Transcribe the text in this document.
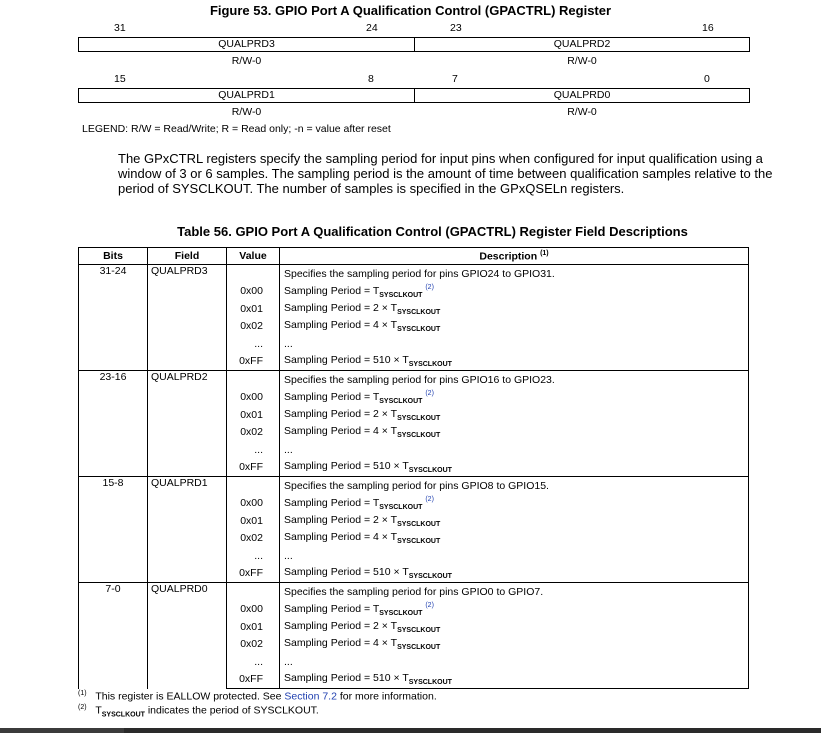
Figure 53. GPIO Port A Qualification Control (GPACTRL) Register
31	24	23	16
QUALPRD3	QUALPRD2
R/W-0	R/W-0
15	8	7	0
QUALPRD1	QUALPRD0
R/W-0	R/W-0
LEGEND: R/W = Read/Write; R = Read only; -n = value after reset
The GPxCTRL registers specify the sampling period for input pins when configured for input qualification using a window of 3 or 6 samples. The sampling period is the amount of time between qualification samples relative to the period of SYSCLKOUT. The number of samples is specified in the GPxQSELn registers.
Table 56. GPIO Port A Qualification Control (GPACTRL) Register Field Descriptions
Bits	Field	Value	Description $^{(1)}$
31-24	QUALPRD3		Specifies the sampling period for pins GPIO24 to GPIO31.
		0x00	Sampling Period = $T_{SYSCLKOUT}$ $^{(2)}$
		0x01	Sampling Period = $2 \times T_{SYSCLKOUT}$
		0x02	Sampling Period = $4 \times T_{SYSCLKOUT}$
		...	...
		0xFF	Sampling Period = $510 \times T_{SYSCLKOUT}$
23-16	QUALPRD2		Specifies the sampling period for pins GPIO16 to GPIO23.
		0x00	Sampling Period = $T_{SYSCLKOUT}$ $^{(2)}$
		0x01	Sampling Period = $2 \times T_{SYSCLKOUT}$
		0x02	Sampling Period = $4 \times T_{SYSCLKOUT}$
		...	...
		0xFF	Sampling Period = $510 \times T_{SYSCLKOUT}$
15-8	QUALPRD1		Specifies the sampling period for pins GPIO8 to GPIO15.
		0x00	Sampling Period = $T_{SYSCLKOUT}$ $^{(2)}$
		0x01	Sampling Period = $2 \times T_{SYSCLKOUT}$
		0x02	Sampling Period = $4 \times T_{SYSCLKOUT}$
		...	...
		0xFF	Sampling Period = $510 \times T_{SYSCLKOUT}$
7-0	QUALPRD0		Specifies the sampling period for pins GPIO0 to GPIO7.
		0x00	Sampling Period = $T_{SYSCLKOUT}$ $^{(2)}$
		0x01	Sampling Period = $2 \times T_{SYSCLKOUT}$
		0x02	Sampling Period = $4 \times T_{SYSCLKOUT}$
		...	...
		0xFF	Sampling Period = $510 \times T_{SYSCLKOUT}$
$^{(1)}$ This register is EALLOW protected. See Section 7.2 for more information.
$^{(2)}$ $T_{SYSCLKOUT}$ indicates the period of SYSCLKOUT.
